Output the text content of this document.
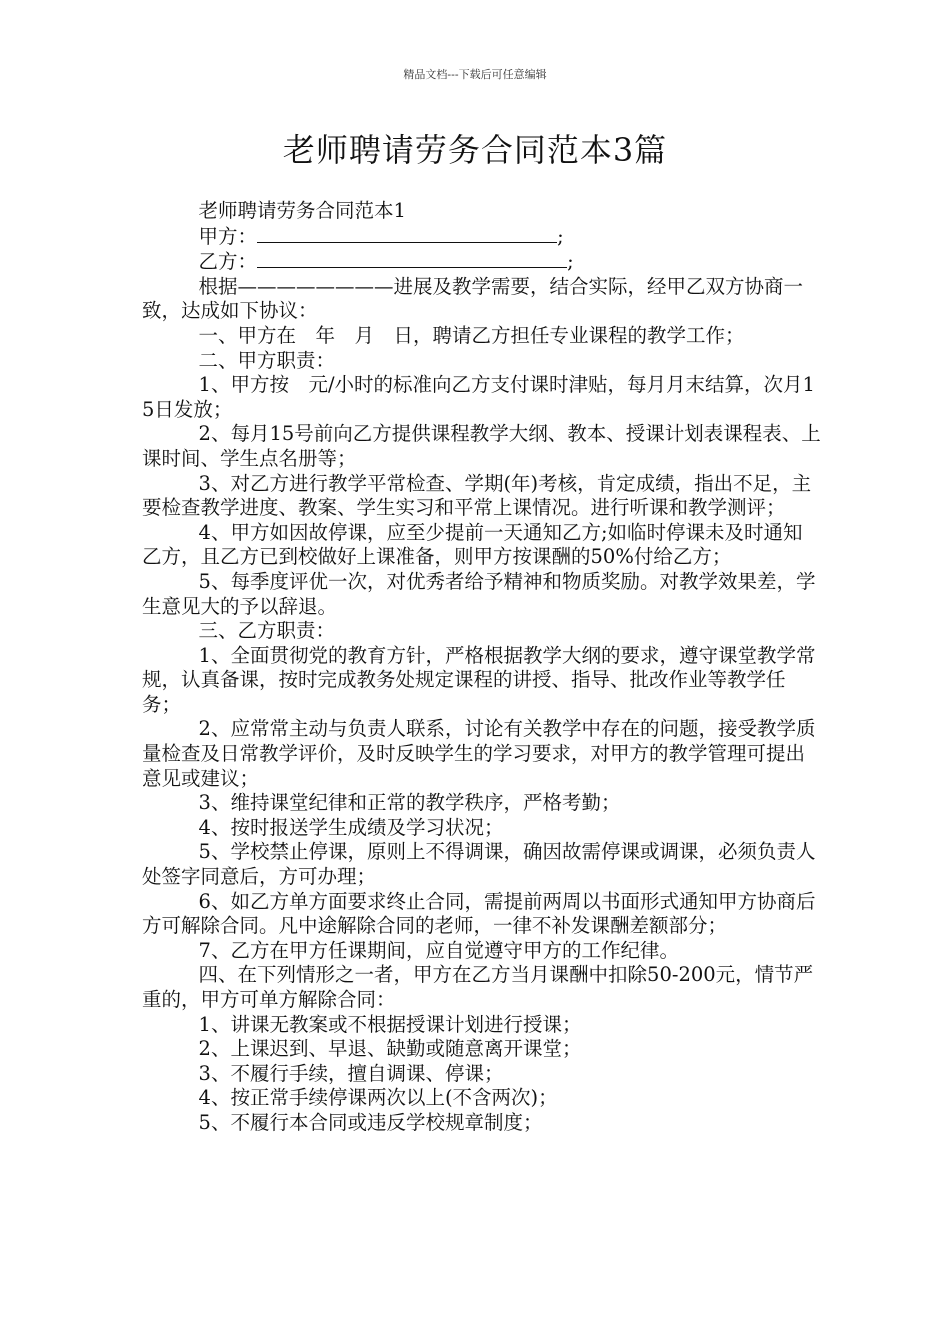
精品文档---下载后可任意编辑
老师聘请劳务合同范本3篇

老师聘请劳务合同范本1

甲方：	;

乙方：	;

根据————————进展及教学需要，结合实际，经甲乙双方协商一致，达成如下协议：

一、甲方在　年　月　日，聘请乙方担任专业课程的教学工作；

二、甲方职责：

1、甲方按　元/小时的标准向乙方支付课时津贴，每月月末结算，次月15日发放；

2、每月15号前向乙方提供课程教学大纲、教本、授课计划表课程表、上课时间、学生点名册等；

3、对乙方进行教学平常检查、学期(年)考核，肯定成绩，指出不足，主要检查教学进度、教案、学生实习和平常上课情况。进行听课和教学测评；

4、甲方如因故停课，应至少提前一天通知乙方;如临时停课未及时通知乙方，且乙方已到校做好上课准备，则甲方按课酬的50%付给乙方；

5、每季度评优一次，对优秀者给予精神和物质奖励。对教学效果差，学生意见大的予以辞退。

三、乙方职责：

1、全面贯彻党的教育方针，严格根据教学大纲的要求，遵守课堂教学常规，认真备课，按时完成教务处规定课程的讲授、指导、批改作业等教学任务；

2、应常常主动与负责人联系，讨论有关教学中存在的问题，接受教学质量检查及日常教学评价，及时反映学生的学习要求，对甲方的教学管理可提出意见或建议；

3、维持课堂纪律和正常的教学秩序，严格考勤；

4、按时报送学生成绩及学习状况；

5、学校禁止停课，原则上不得调课，确因故需停课或调课，必须负责人处签字同意后，方可办理；

6、如乙方单方面要求终止合同，需提前两周以书面形式通知甲方协商后方可解除合同。凡中途解除合同的老师，一律不补发课酬差额部分；

7、乙方在甲方任课期间，应自觉遵守甲方的工作纪律。

四、在下列情形之一者，甲方在乙方当月课酬中扣除50-200元，情节严重的，甲方可单方解除合同：

1、讲课无教案或不根据授课计划进行授课；

2、上课迟到、早退、缺勤或随意离开课堂；

3、不履行手续，擅自调课、停课；

4、按正常手续停课两次以上(不含两次)；

5、不履行本合同或违反学校规章制度；
